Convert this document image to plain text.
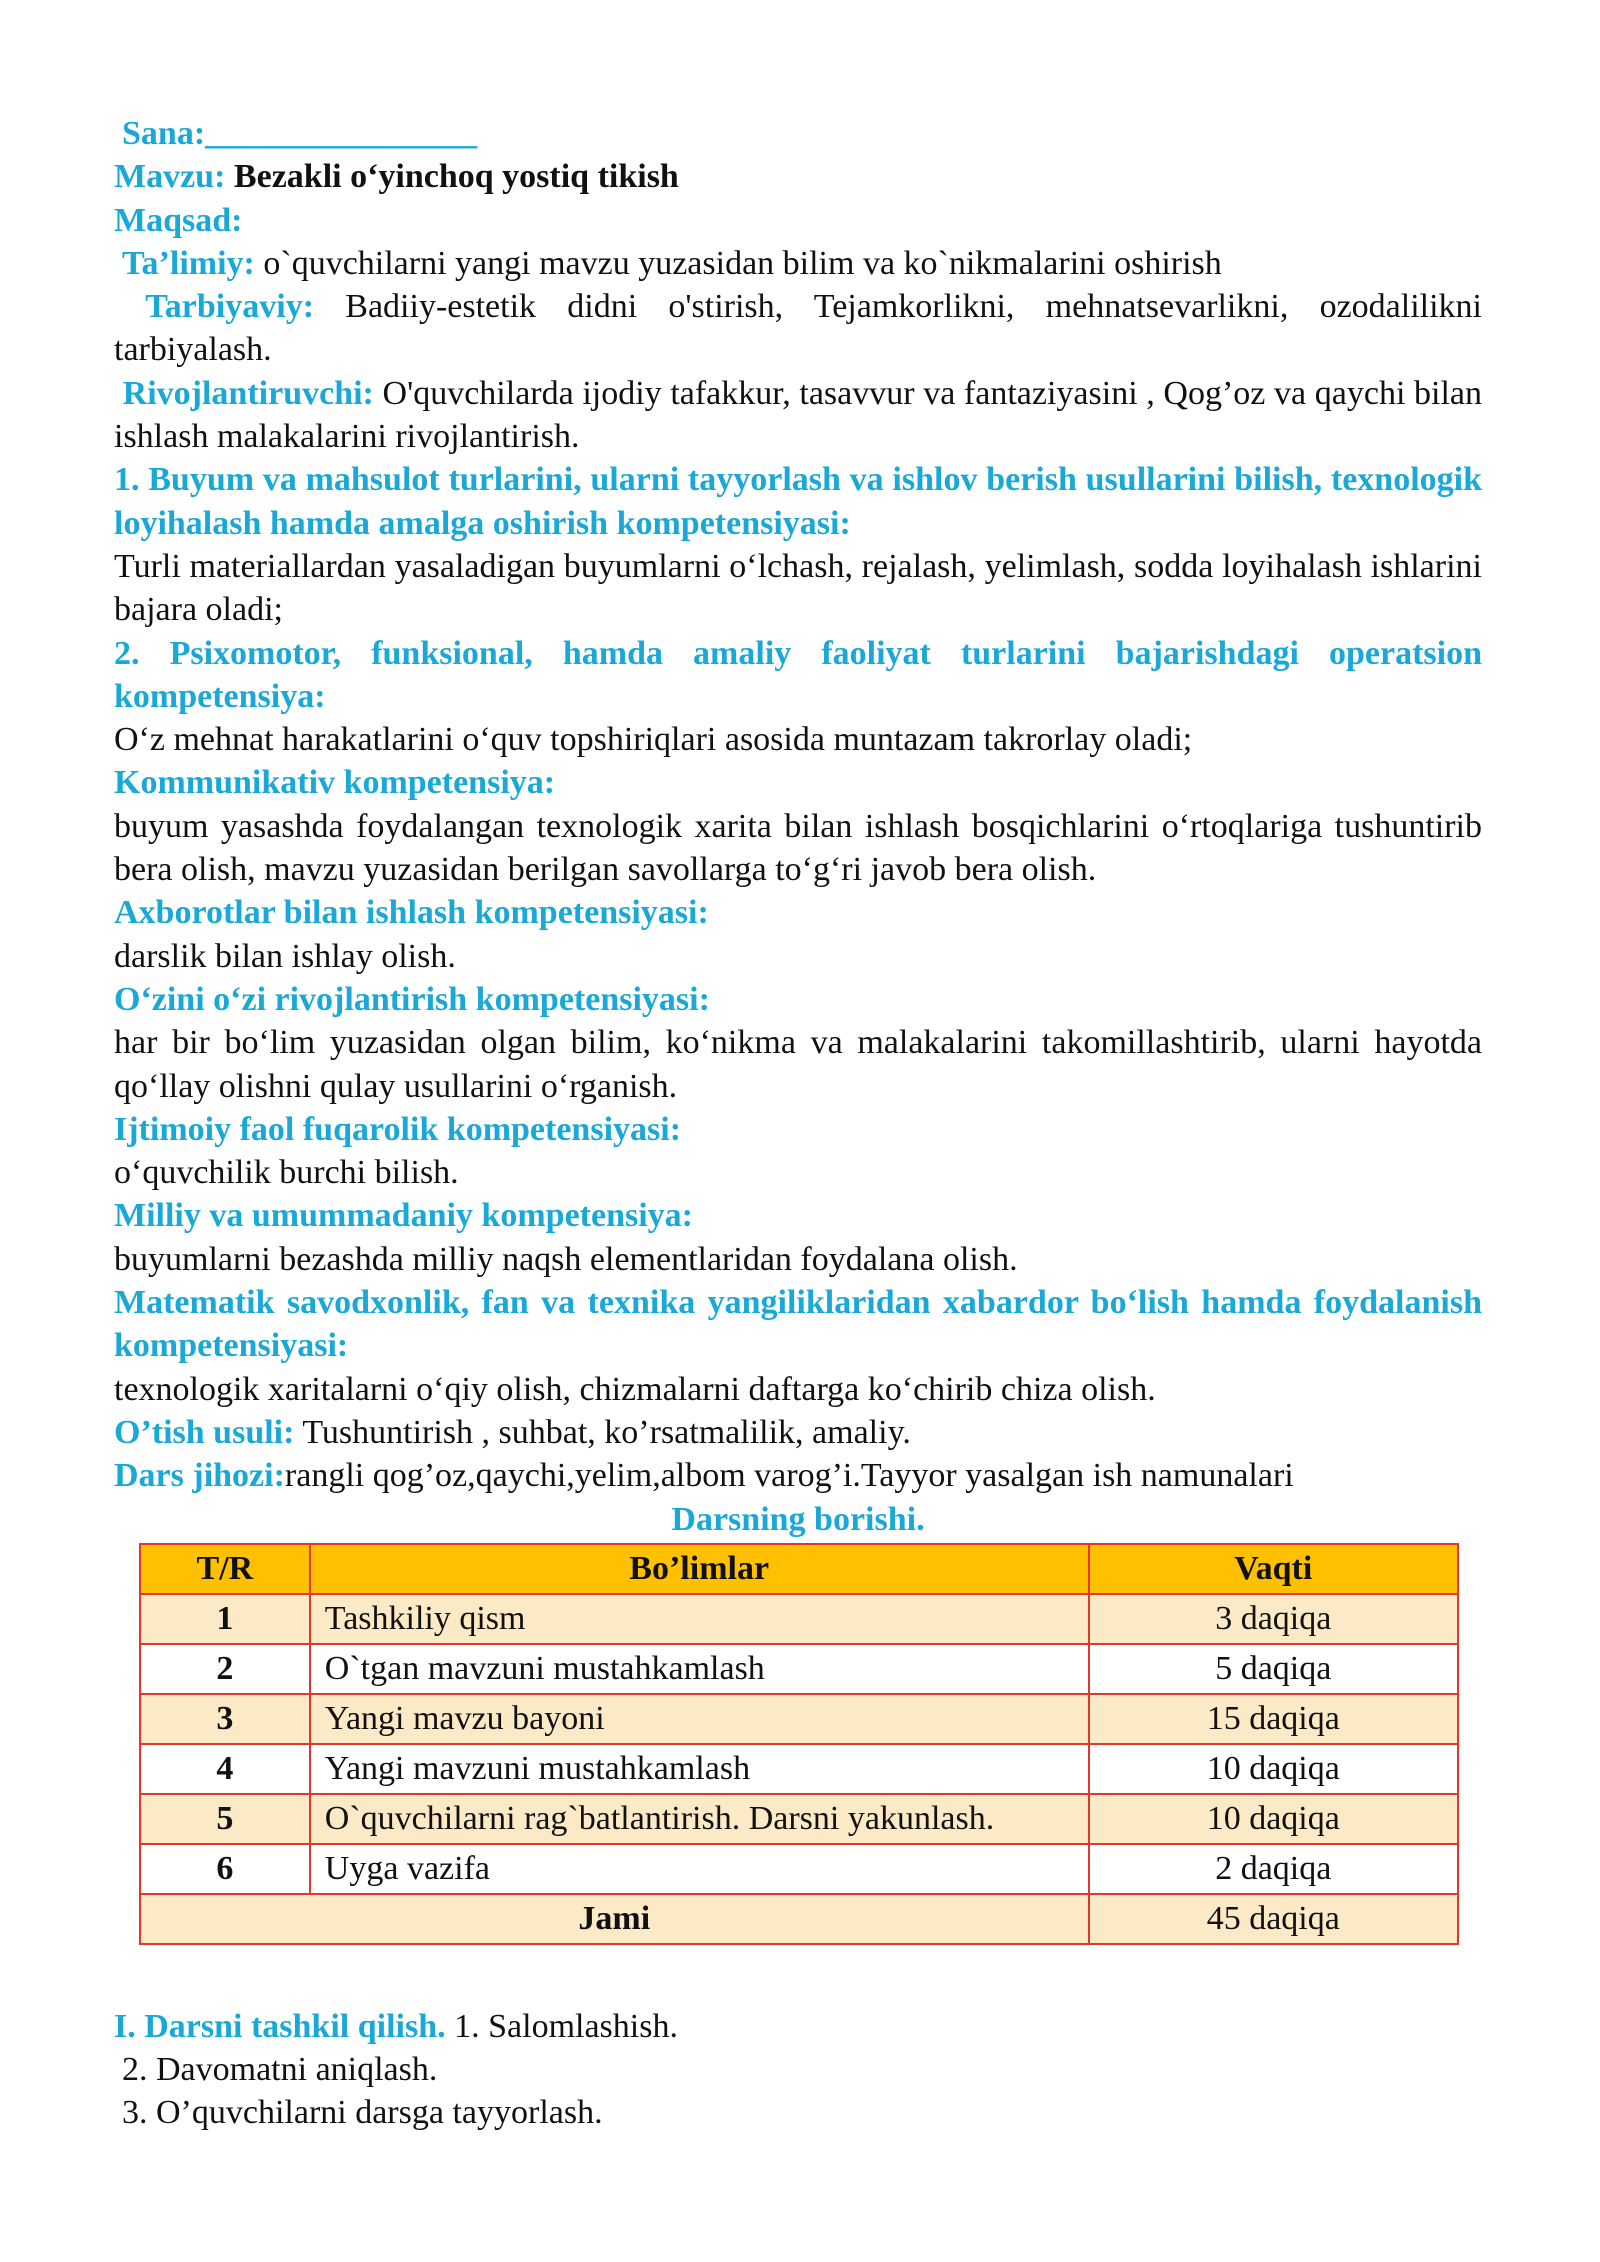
Sana:________________

Mavzu: Bezakli o‘yinchoq yostiq tikish

Maqsad:

Ta’limiy: o`quvchilarni yangi mavzu yuzasidan bilim va ko`nikmalarini oshirish

Tarbiyaviy: Badiiy-estetik didni o'stirish, Tejamkorlikni, mehnatsevarlikni, ozodalilikni tarbiyalash.

Rivojlantiruvchi: O'quvchilarda ijodiy tafakkur, tasavvur va fantaziyasini , Qog’oz va qaychi bilan ishlash malakalarini rivojlantirish.

1. Buyum va mahsulot turlarini, ularni tayyorlash va ishlov berish usullarini bilish, texnologik loyihalash hamda amalga oshirish kompetensiyasi:

Turli materiallardan yasaladigan buyumlarni o‘lchash, rejalash, yelimlash, sodda loyihalash ishlarini bajara oladi;

2. Psixomotor, funksional, hamda amaliy faoliyat turlarini bajarishdagi operatsion kompetensiya:

O‘z mehnat harakatlarini o‘quv topshiriqlari asosida muntazam takrorlay oladi;

Kommunikativ kompetensiya:

buyum yasashda foydalangan texnologik xarita bilan ishlash bosqichlarini o‘rtoqlariga tushuntirib bera olish, mavzu yuzasidan berilgan savollarga to‘g‘ri javob bera olish.

Axborotlar bilan ishlash kompetensiyasi:

darslik bilan ishlay olish.

O‘zini o‘zi rivojlantirish kompetensiyasi:

har bir bo‘lim yuzasidan olgan bilim, ko‘nikma va malakalarini takomillashtirib, ularni hayotda qo‘llay olishni qulay usullarini o‘rganish.

Ijtimoiy faol fuqarolik kompetensiyasi:

o‘quvchilik burchi bilish.

Milliy va umummadaniy kompetensiya:

buyumlarni bezashda milliy naqsh elementlaridan foydalana olish.

Matematik savodxonlik, fan va texnika yangiliklaridan xabardor bo‘lish hamda foydalanish kompetensiyasi:

texnologik xaritalarni o‘qiy olish, chizmalarni daftarga ko‘chirib chiza olish.

O’tish usuli: Tushuntirish , suhbat, ko’rsatmalilik, amaliy.

Dars jihozi:rangli qog’oz,qaychi,yelim,albom varog’i.Tayyor yasalgan ish namunalari

Darsning borishi.

T/R	Bo’limlar	Vaqti
1	Tashkiliy qism	3 daqiqa
2	O`tgan mavzuni mustahkamlash	5 daqiqa
3	Yangi mavzu bayoni	15 daqiqa
4	Yangi mavzuni mustahkamlash	10 daqiqa
5	O`quvchilarni rag`batlantirish. Darsni yakunlash.	10 daqiqa
6	Uyga vazifa	2 daqiqa
Jami		45 daqiqa

I. Darsni tashkil qilish. 1. Salomlashish.

2. Davomatni aniqlash.

3. O’quvchilarni darsga tayyorlash.
